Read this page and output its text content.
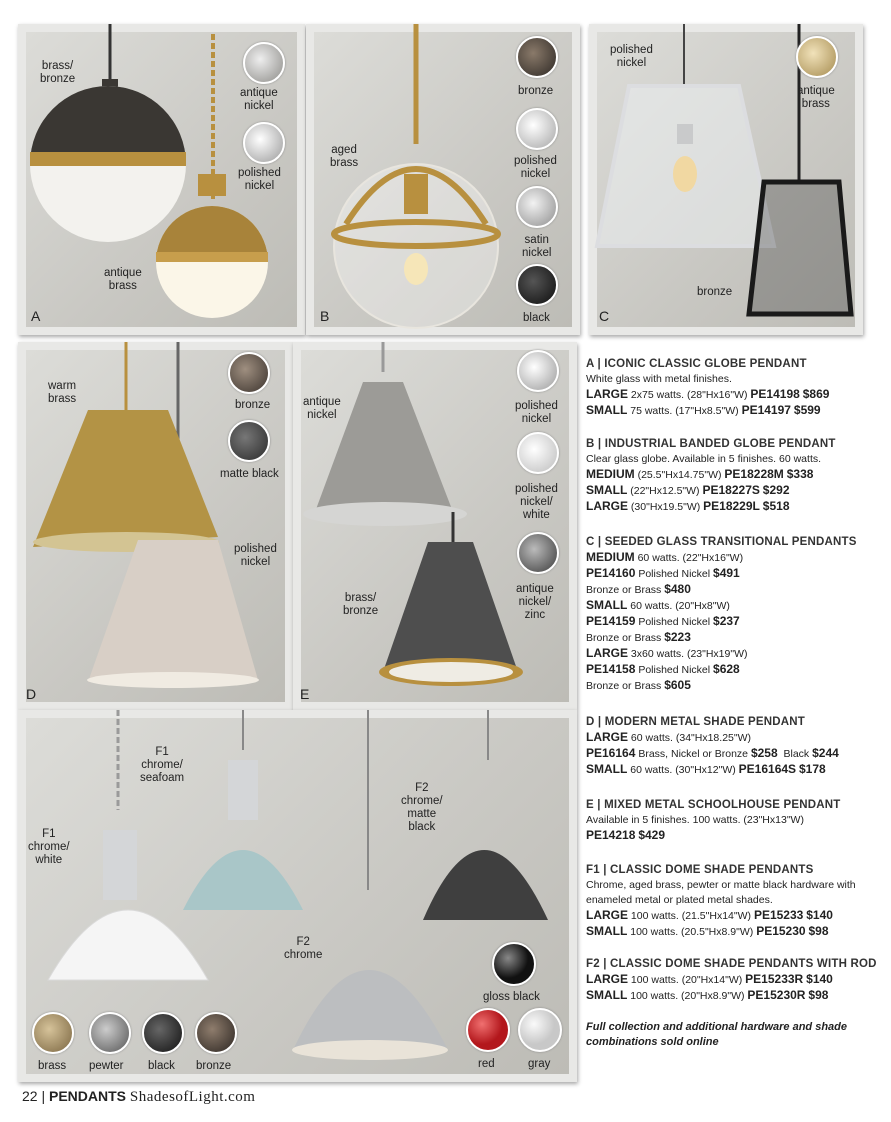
brass/
bronze
antique
nickel
polished
nickel
antique
brass
A
aged
brass
bronze
polished
nickel
satin
nickel
black
B
polished
nickel
antique
brass
bronze
C
warm
brass	bronze
matte black
polished
nickel
D
antique
nickel
polished
nickel
polished
nickel/
white
antique
nickel/
zinc
brass/
bronze
E
F1
chrome/
seafoam
F1
chrome/
white
F2
chrome/
matte
black
F2
chrome
brass pewter black bronze
gloss black
red	gray
A | ICONIC CLASSIC GLOBE PENDANT
White glass with metal finishes.
LARGE 2x75 watts. (28"Hx16"W) PE14198 $869
SMALL 75 watts. (17"Hx8.5"W) PE14197 $599
B | INDUSTRIAL BANDED GLOBE PENDANT
Clear glass globe. Available in 5 finishes. 60 watts.
MEDIUM (25.5"Hx14.75"W) PE18228M $338
SMALL (22"Hx12.5"W) PE18227S $292
LARGE (30"Hx19.5"W) PE18229L $518
C | SEEDED GLASS TRANSITIONAL PENDANTS
MEDIUM 60 watts. (22"Hx16"W)
PE14160 Polished Nickel $491
Bronze or Brass $480
SMALL 60 watts. (20"Hx8"W)
PE14159 Polished Nickel $237
Bronze or Brass $223
LARGE 3x60 watts. (23"Hx19"W)
PE14158 Polished Nickel $628
Bronze or Brass $605
D | MODERN METAL SHADE PENDANT
LARGE 60 watts. (34"Hx18.25"W)
PE16164 Brass, Nickel or Bronze $258 Black $244
SMALL 60 watts. (30"Hx12"W) PE16164S $178
E | MIXED METAL SCHOOLHOUSE PENDANT
Available in 5 finishes. 100 watts. (23"Hx13"W)
PE14218 $429
F1 | CLASSIC DOME SHADE PENDANTS
Chrome, aged brass, pewter or matte black hardware with
enameled metal or plated metal shades.
LARGE 100 watts. (21.5"Hx14"W) PE15233 $140
SMALL 100 watts. (20.5"Hx8.9"W) PE15230 $98
F2 | CLASSIC DOME SHADE PENDANTS WITH ROD
LARGE 100 watts. (20"Hx14"W) PE15233R $140
SMALL 100 watts. (20"Hx8.9"W) PE15230R $98
Full collection and additional hardware and shade combinations sold online
22 | PENDANTS ShadesofLight.com
